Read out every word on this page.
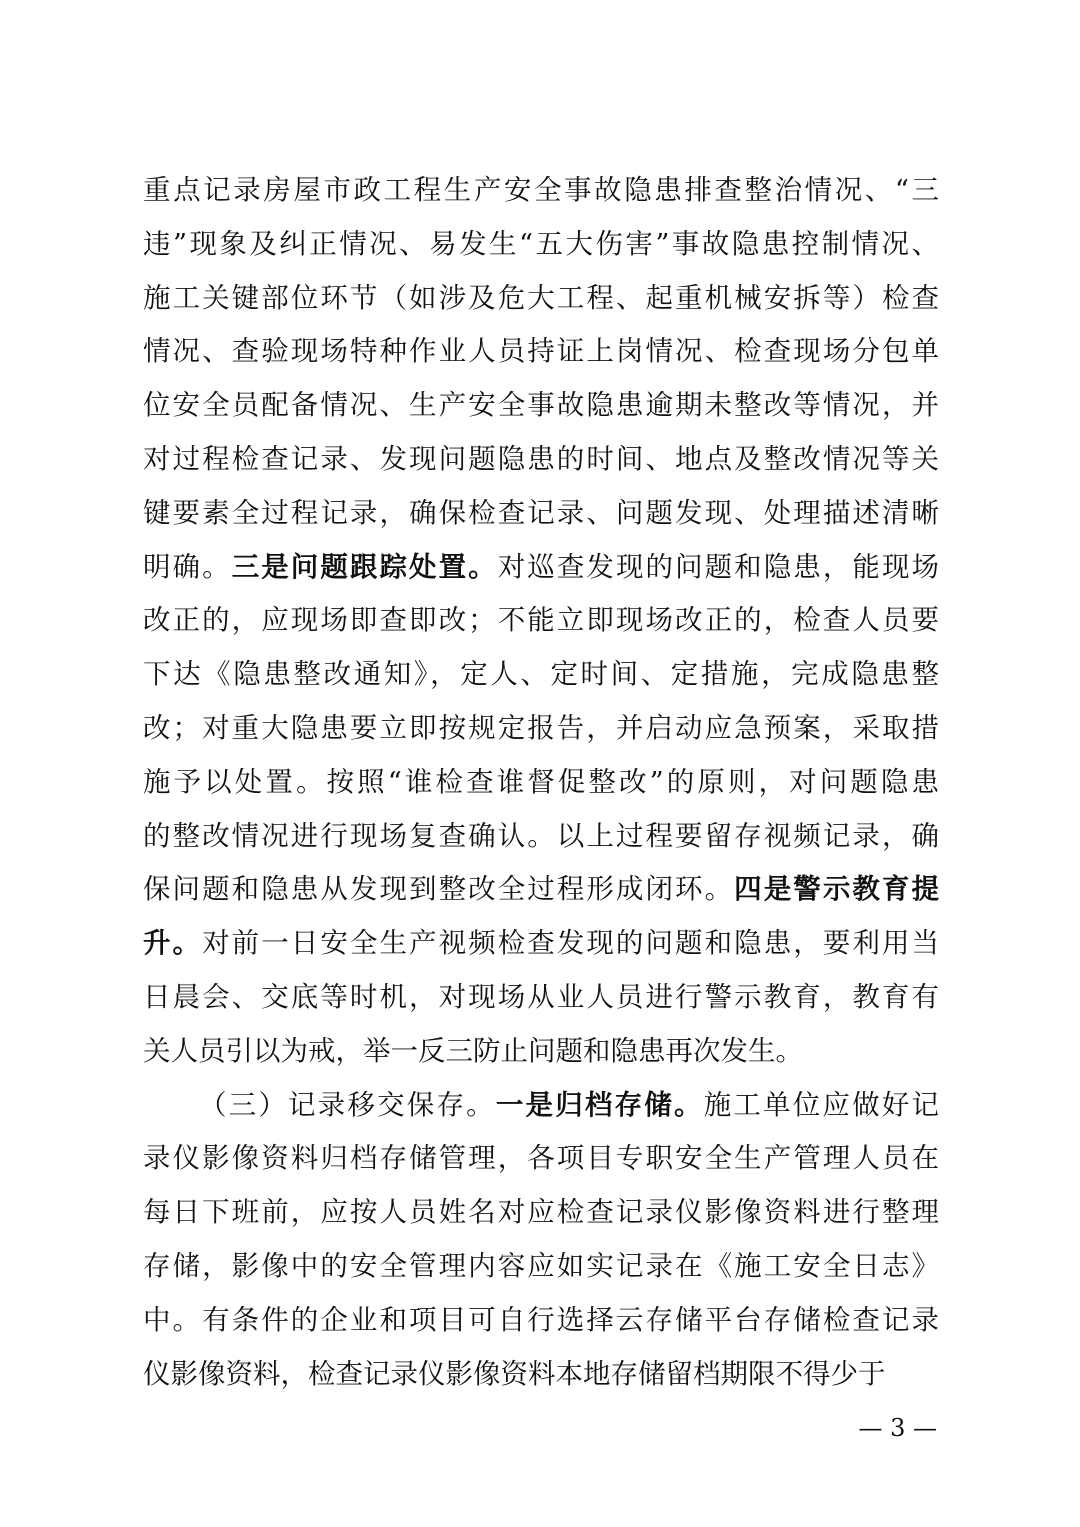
重点记录房屋市政工程生产安全事故隐患排查整治情况、“三
违”现象及纠正情况、易发生“五大伤害”事故隐患控制情况、
施工关键部位环节（如涉及危大工程、起重机械安拆等）检查
情况、查验现场特种作业人员持证上岗情况、检查现场分包单
位安全员配备情况、生产安全事故隐患逾期未整改等情况，并
对过程检查记录、发现问题隐患的时间、地点及整改情况等关
键要素全过程记录，确保检查记录、问题发现、处理描述清晰
明确。三是问题跟踪处置。对巡查发现的问题和隐患，能现场
改正的，应现场即查即改；不能立即现场改正的，检查人员要
下达《隐患整改通知》，定人、定时间、定措施，完成隐患整
改；对重大隐患要立即按规定报告，并启动应急预案，采取措
施予以处置。按照“谁检查谁督促整改”的原则，对问题隐患
的整改情况进行现场复查确认。以上过程要留存视频记录，确
保问题和隐患从发现到整改全过程形成闭环。四是警示教育提
升。对前一日安全生产视频检查发现的问题和隐患，要利用当
日晨会、交底等时机，对现场从业人员进行警示教育，教育有
关人员引以为戒，举一反三防止问题和隐患再次发生。
（三）记录移交保存。一是归档存储。施工单位应做好记
录仪影像资料归档存储管理，各项目专职安全生产管理人员在
每日下班前，应按人员姓名对应检查记录仪影像资料进行整理
存储，影像中的安全管理内容应如实记录在《施工安全日志》
中。有条件的企业和项目可自行选择云存储平台存储检查记录
仪影像资料，检查记录仪影像资料本地存储留档期限不得少于
— 3 —
